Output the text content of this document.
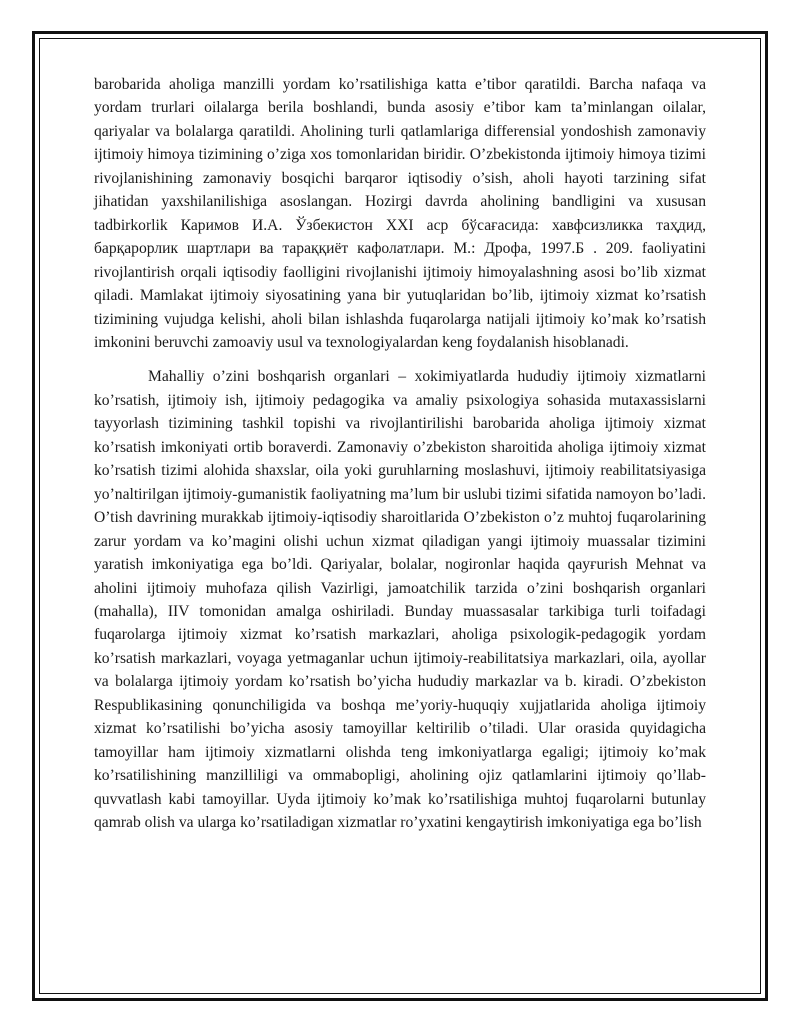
barobarida aholiga manzilli yordam ko’rsatilishiga katta e’tibor qaratildi. Barcha nafaqa va yordam trurlari oilalarga berila boshlandi, bunda asosiy e’tibor kam ta’minlangan oilalar, qariyalar va bolalarga qaratildi. Aholining turli qatlamlariga differensial yondoshish zamonaviy ijtimoiy himoya tizimining o’ziga xos tomonlaridan biridir. O’zbekistonda ijtimoiy himoya tizimi rivojlanishining zamonaviy bosqichi barqaror iqtisodiy o’sish, aholi hayoti tarzining sifat jihatidan yaxshilanilishiga asoslangan. Hozirgi davrda aholining bandligini va xususan tadbirkorlik Каримов И.А. Ўзбекистон XXI аср бўсағасида: хавфсизликка таҳдид, барқарорлик шартлари ва тараққиёт кафолатлари. М.: Дрофа, 1997.Б . 209. faoliyatini rivojlantirish orqali iqtisodiy faolligini rivojlanishi ijtimoiy himoyalashning asosi bo’lib xizmat qiladi. Mamlakat ijtimoiy siyosatining yana bir yutuqlaridan bo’lib, ijtimoiy xizmat ko’rsatish tizimining vujudga kelishi, aholi bilan ishlashda fuqarolarga natijali ijtimoiy ko’mak ko’rsatish imkonini beruvchi zamoaviy usul va texnologiyalardan keng foydalanish hisoblanadi.

Mahalliy o’zini boshqarish organlari – xokimiyatlarda hududiy ijtimoiy xizmatlarni ko’rsatish, ijtimoiy ish, ijtimoiy pedagogika va amaliy psixologiya sohasida mutaxassislarni tayyorlash tizimining tashkil topishi va rivojlantirilishi barobarida aholiga ijtimoiy xizmat ko’rsatish imkoniyati ortib boraverdi. Zamonaviy o’zbekiston sharoitida aholiga ijtimoiy xizmat ko’rsatish tizimi alohida shaxslar, oila yoki guruhlarning moslashuvi, ijtimoiy reabilitatsiyasiga yo’naltirilgan ijtimoiy-gumanistik faoliyatning ma’lum bir uslubi tizimi sifatida namoyon bo’ladi. O’tish davrining murakkab ijtimoiy-iqtisodiy sharoitlarida O’zbekiston o’z muhtoj fuqarolarining zarur yordam va ko’magini olishi uchun xizmat qiladigan yangi ijtimoiy muassalar tizimini yaratish imkoniyatiga ega bo’ldi. Qariyalar, bolalar, nogironlar haqida qayғurish Mehnat va aholini ijtimoiy muhofaza qilish Vazirligi, jamoatchilik tarzida o’zini boshqarish organlari (mahalla), IIV tomonidan amalga oshiriladi. Bunday muassasalar tarkibiga turli toifadagi fuqarolarga ijtimoiy xizmat ko’rsatish markazlari, aholiga psixologik-pedagogik yordam ko’rsatish markazlari, voyaga yetmaganlar uchun ijtimoiy-reabilitatsiya markazlari, oila, ayollar va bolalarga ijtimoiy yordam ko’rsatish bo’yicha hududiy markazlar va b. kiradi. O’zbekiston Respublikasining qonunchiligida va boshqa me’yoriy-huquqiy xujjatlarida aholiga ijtimoiy xizmat ko’rsatilishi bo’yicha asosiy tamoyillar keltirilib o’tiladi. Ular orasida quyidagicha tamoyillar ham ijtimoiy xizmatlarni olishda teng imkoniyatlarga egaligi; ijtimoiy ko’mak ko’rsatilishining manzilliligi va ommabopligi, aholining ojiz qatlamlarini ijtimoiy qo’llab-quvvatlash kabi tamoyillar. Uyda ijtimoiy ko’mak ko’rsatilishiga muhtoj fuqarolarni butunlay qamrab olish va ularga ko’rsatiladigan xizmatlar ro’yxatini kengaytirish imkoniyatiga ega bo’lish
